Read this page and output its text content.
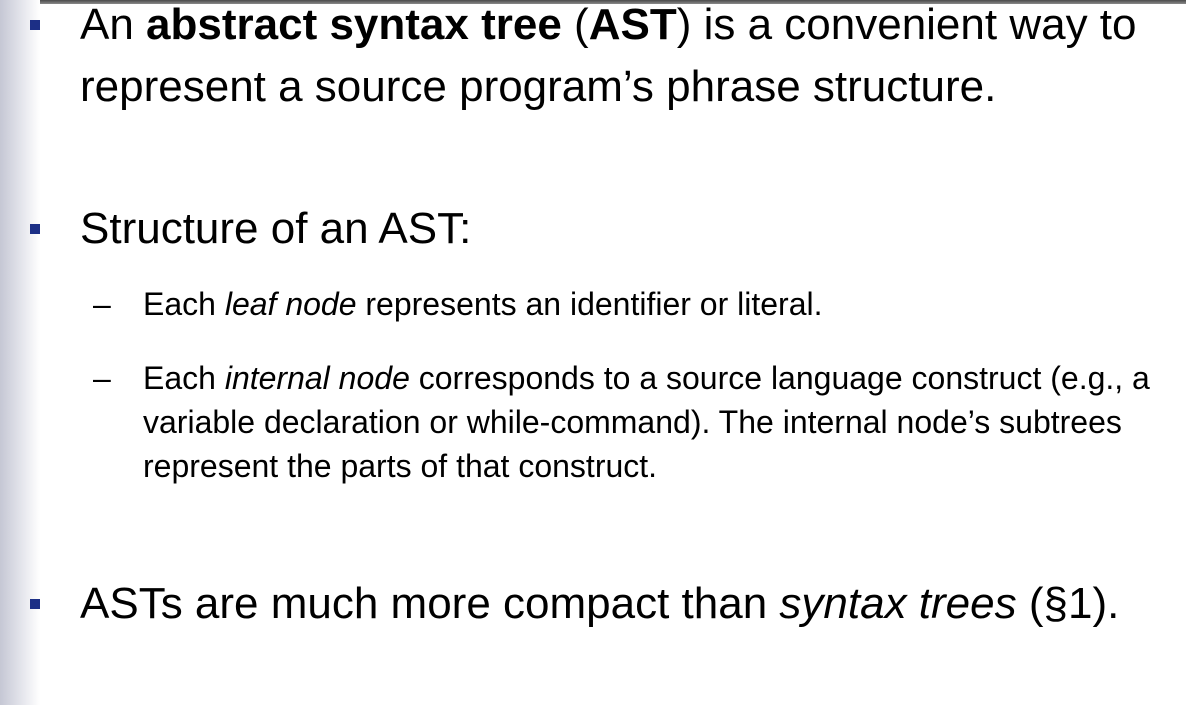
An abstract syntax tree (AST) is a convenient way to represent a source program’s phrase structure.

Structure of an AST:

– Each leaf node represents an identifier or literal.

– Each internal node corresponds to a source language construct (e.g., a variable declaration or while-command). The internal node’s subtrees represent the parts of that construct.

ASTs are much more compact than syntax trees (§1).
